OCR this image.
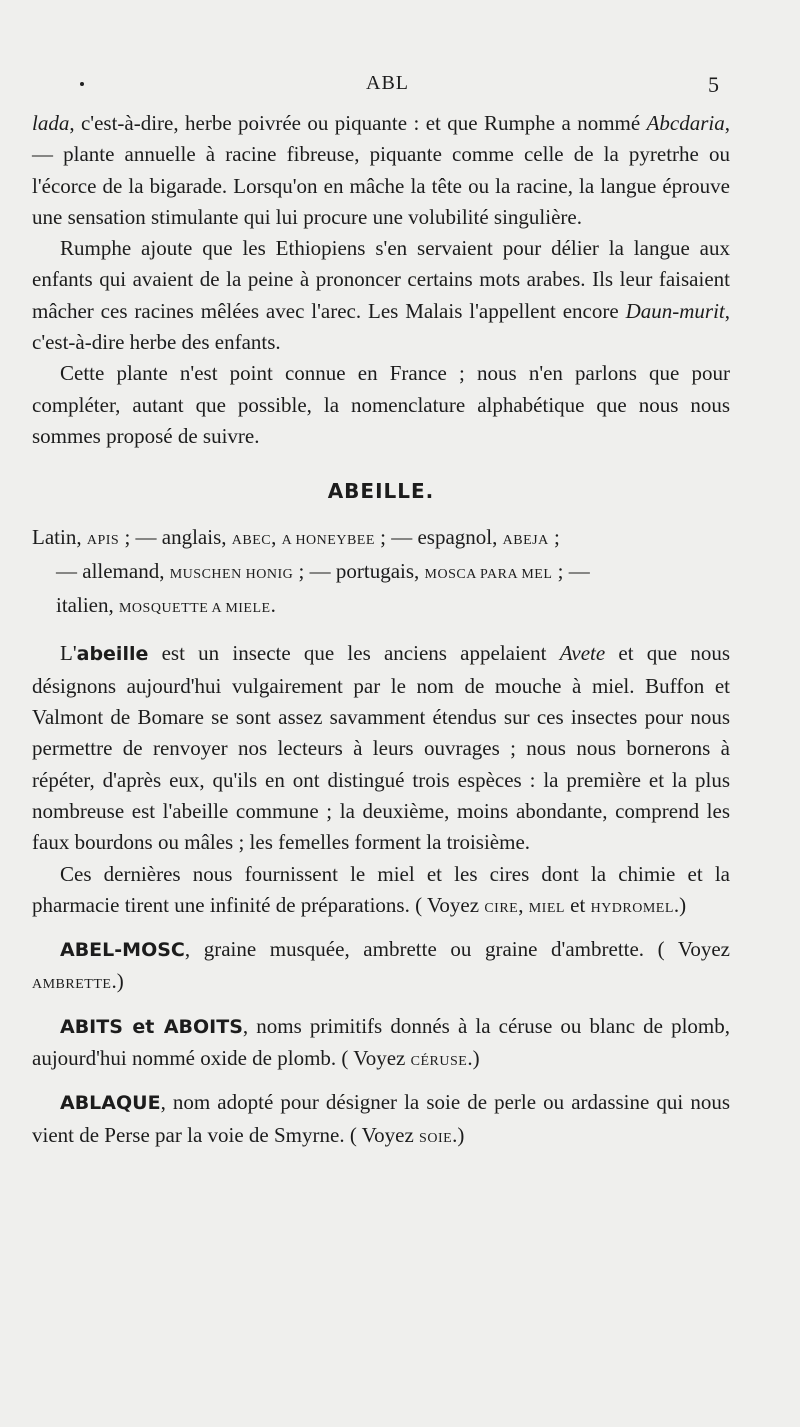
ABL	5

lada, c'est-à-dire, herbe poivrée ou piquante : et que Rumphe a nommé Abcdaria, — plante annuelle à racine fibreuse, piquante comme celle de la pyretrhe ou l'écorce de la bigarade. Lorsqu'on en mâche la tête ou la racine, la langue éprouve une sensation stimulante qui lui procure une volubilité singulière.

Rumphe ajoute que les Ethiopiens s'en servaient pour délier la langue aux enfants qui avaient de la peine à prononcer certains mots arabes. Ils leur faisaient mâcher ces racines mêlées avec l'arec. Les Malais l'appellent encore Daun-murit, c'est-à-dire herbe des enfants.

Cette plante n'est point connue en France ; nous n'en parlons que pour compléter, autant que possible, la nomenclature alphabétique que nous nous sommes proposé de suivre.

ABEILLE.

Latin, APIS ; — anglais, ABEC, A HONEYBEE ; — espagnol, ABEJA ;

— allemand, MUSCHEN HONIG ; — portugais, MOSCA PARA MEL ; —

italien, MOSQUETTE A MIELE.

L'abeille est un insecte que les anciens appelaient Avete et que nous désignons aujourd'hui vulgairement par le nom de mouche à miel. Buffon et Valmont de Bomare se sont assez savamment étendus sur ces insectes pour nous permettre de renvoyer nos lecteurs à leurs ouvrages ; nous nous bornerons à répéter, d'après eux, qu'ils en ont distingué trois espèces : la première et la plus nombreuse est l'abeille commune ; la deuxième, moins abondante, comprend les faux bourdons ou mâles ; les femelles forment la troisième.

Ces dernières nous fournissent le miel et les cires dont la chimie et la pharmacie tirent une infinité de préparations. ( Voyez CIRE, MIEL et HYDROMEL.)

ABEL-MOSC, graine musquée, ambrette ou graine d'ambrette. ( Voyez AMBRETTE.)

ABITS et ABOITS, noms primitifs donnés à la céruse ou blanc de plomb, aujourd'hui nommé oxide de plomb. ( Voyez CÉRUSE.)

ABLAQUE, nom adopté pour désigner la soie de perle ou ardassine qui nous vient de Perse par la voie de Smyrne. ( Voyez SOIE.)
